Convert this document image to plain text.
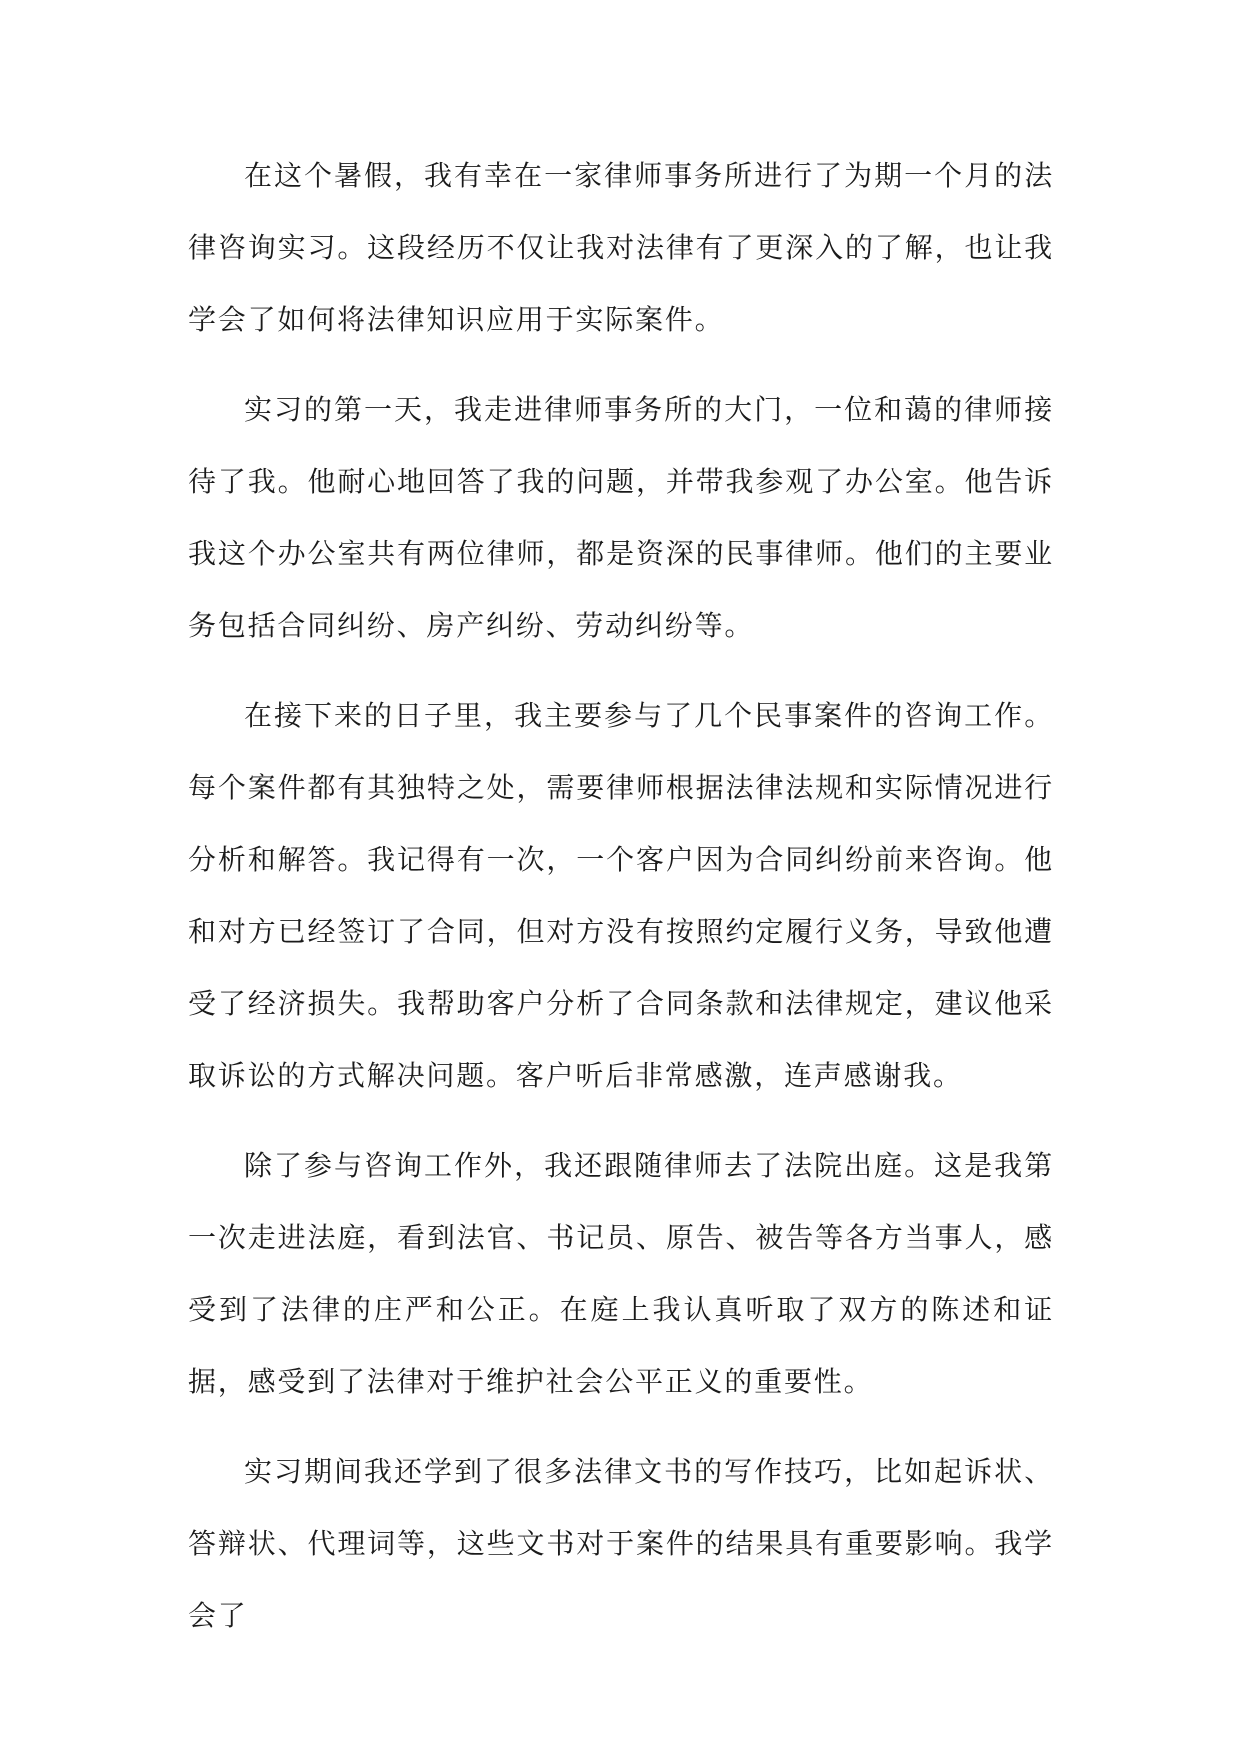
在这个暑假，我有幸在一家律师事务所进行了为期一个月的法律咨询实习。这段经历不仅让我对法律有了更深入的了解，也让我学会了如何将法律知识应用于实际案件。

实习的第一天，我走进律师事务所的大门，一位和蔼的律师接待了我。他耐心地回答了我的问题，并带我参观了办公室。他告诉我这个办公室共有两位律师，都是资深的民事律师。他们的主要业务包括合同纠纷、房产纠纷、劳动纠纷等。

在接下来的日子里，我主要参与了几个民事案件的咨询工作。每个案件都有其独特之处，需要律师根据法律法规和实际情况进行分析和解答。我记得有一次，一个客户因为合同纠纷前来咨询。他和对方已经签订了合同，但对方没有按照约定履行义务，导致他遭受了经济损失。我帮助客户分析了合同条款和法律规定，建议他采取诉讼的方式解决问题。客户听后非常感激，连声感谢我。

除了参与咨询工作外，我还跟随律师去了法院出庭。这是我第一次走进法庭，看到法官、书记员、原告、被告等各方当事人，感受到了法律的庄严和公正。在庭上我认真听取了双方的陈述和证据，感受到了法律对于维护社会公平正义的重要性。

实习期间我还学到了很多法律文书的写作技巧，比如起诉状、答辩状、代理词等，这些文书对于案件的结果具有重要影响。我学会了
